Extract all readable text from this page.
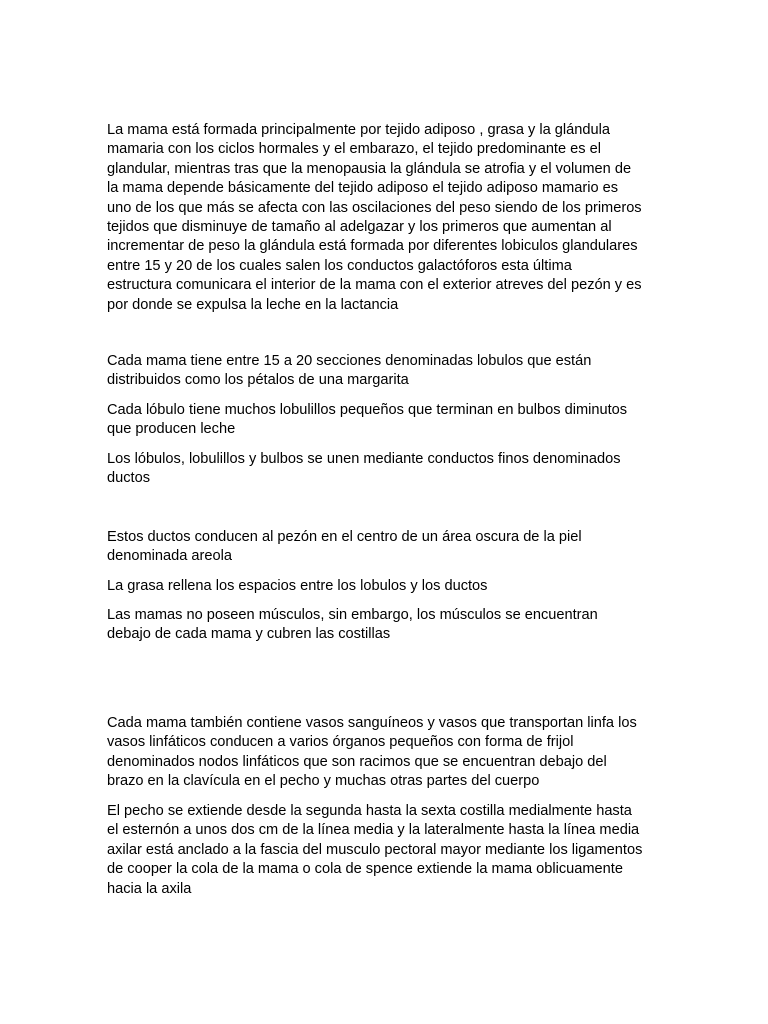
La mama está formada principalmente por tejido adiposo , grasa y la glándula
mamaria con los ciclos hormales y el embarazo, el tejido predominante es el
glandular, mientras tras que la menopausia la glándula se atrofia y el volumen de
la mama depende básicamente del tejido adiposo el tejido adiposo mamario es
uno de los que más se afecta con las oscilaciones del peso siendo de los primeros
tejidos que disminuye de tamaño al adelgazar y los primeros que aumentan al
incrementar de peso la glándula está formada por diferentes lobiculos glandulares
entre 15 y 20 de los cuales salen los conductos galactóforos esta última
estructura comunicara el interior de la mama con el exterior atreves del pezón y es
por donde se expulsa la leche en la lactancia

Cada mama tiene entre 15 a 20 secciones denominadas lobulos que están
distribuidos como los pétalos de una margarita

Cada lóbulo tiene muchos lobulillos pequeños que terminan en bulbos diminutos
que producen leche

Los lóbulos, lobulillos y bulbos se unen mediante conductos finos denominados
ductos

Estos ductos conducen al pezón en el centro de un área oscura de la piel
denominada areola

La grasa rellena los espacios entre los lobulos y los ductos

Las mamas no poseen músculos, sin embargo, los músculos se encuentran
debajo de cada mama y cubren las costillas

Cada mama también contiene vasos sanguíneos y vasos que transportan linfa los
vasos linfáticos conducen a varios órganos pequeños con forma de frijol
denominados nodos linfáticos que son racimos que se encuentran debajo del
brazo en la clavícula en el pecho y muchas otras partes del cuerpo

El pecho se extiende desde la segunda hasta la sexta costilla medialmente hasta
el esternón a unos dos cm de la línea media y la lateralmente hasta la línea media
axilar está anclado a la fascia del musculo pectoral mayor mediante los ligamentos
de cooper la cola de la mama o cola de spence extiende la mama oblicuamente
hacia la axila
